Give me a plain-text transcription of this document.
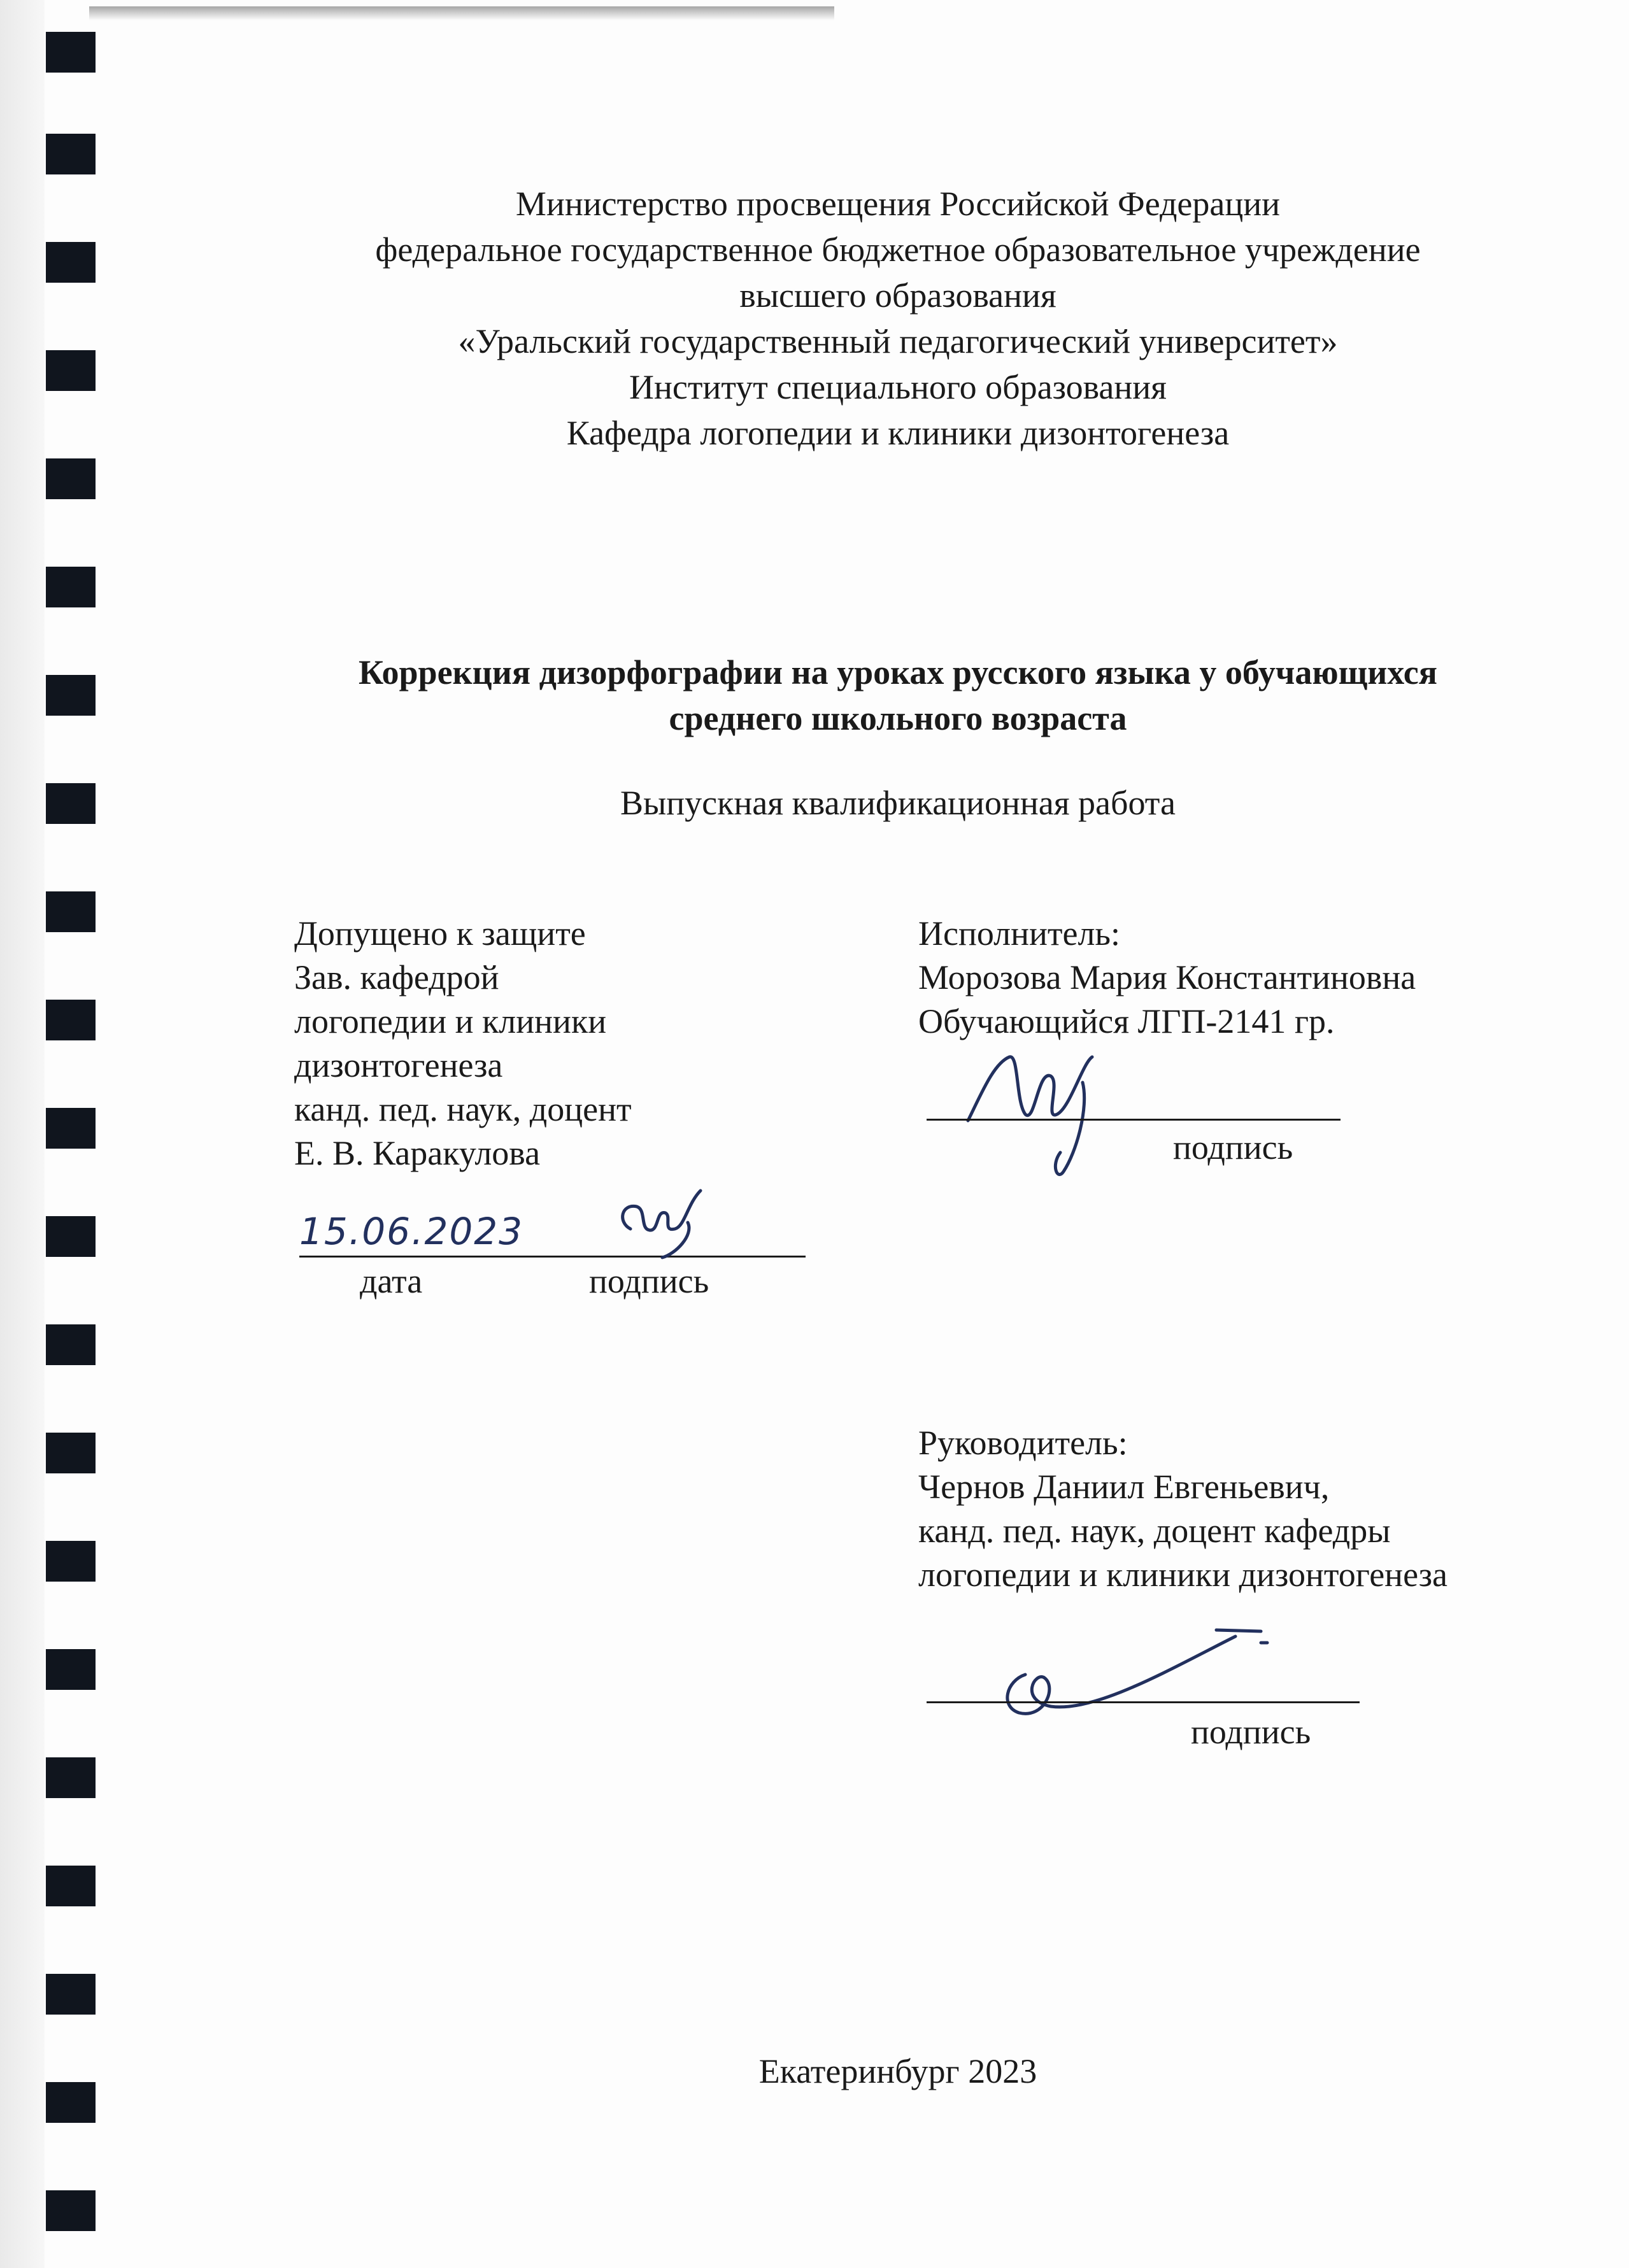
Министерство просвещения Российской Федерации
федеральное государственное бюджетное образовательное учреждение
высшего образования
«Уральский государственный педагогический университет»
Институт специального образования
Кафедра логопедии и клиники дизонтогенеза
Коррекция дизорфографии на уроках русского языка у обучающихся
среднего школьного возраста
Выпускная квалификационная работа
Допущено к защите
Зав. кафедрой
логопедии и клиники
дизонтогенеза
канд. пед. наук, доцент
Е. В. Каракулова
15.06.2023
дата	подпись
Исполнитель:
Морозова Мария Константиновна
Обучающийся ЛГП-2141 гр.
подпись
Руководитель:
Чернов Даниил Евгеньевич,
канд. пед. наук, доцент кафедры
логопедии и клиники дизонтогенеза
подпись
Екатеринбург 2023
